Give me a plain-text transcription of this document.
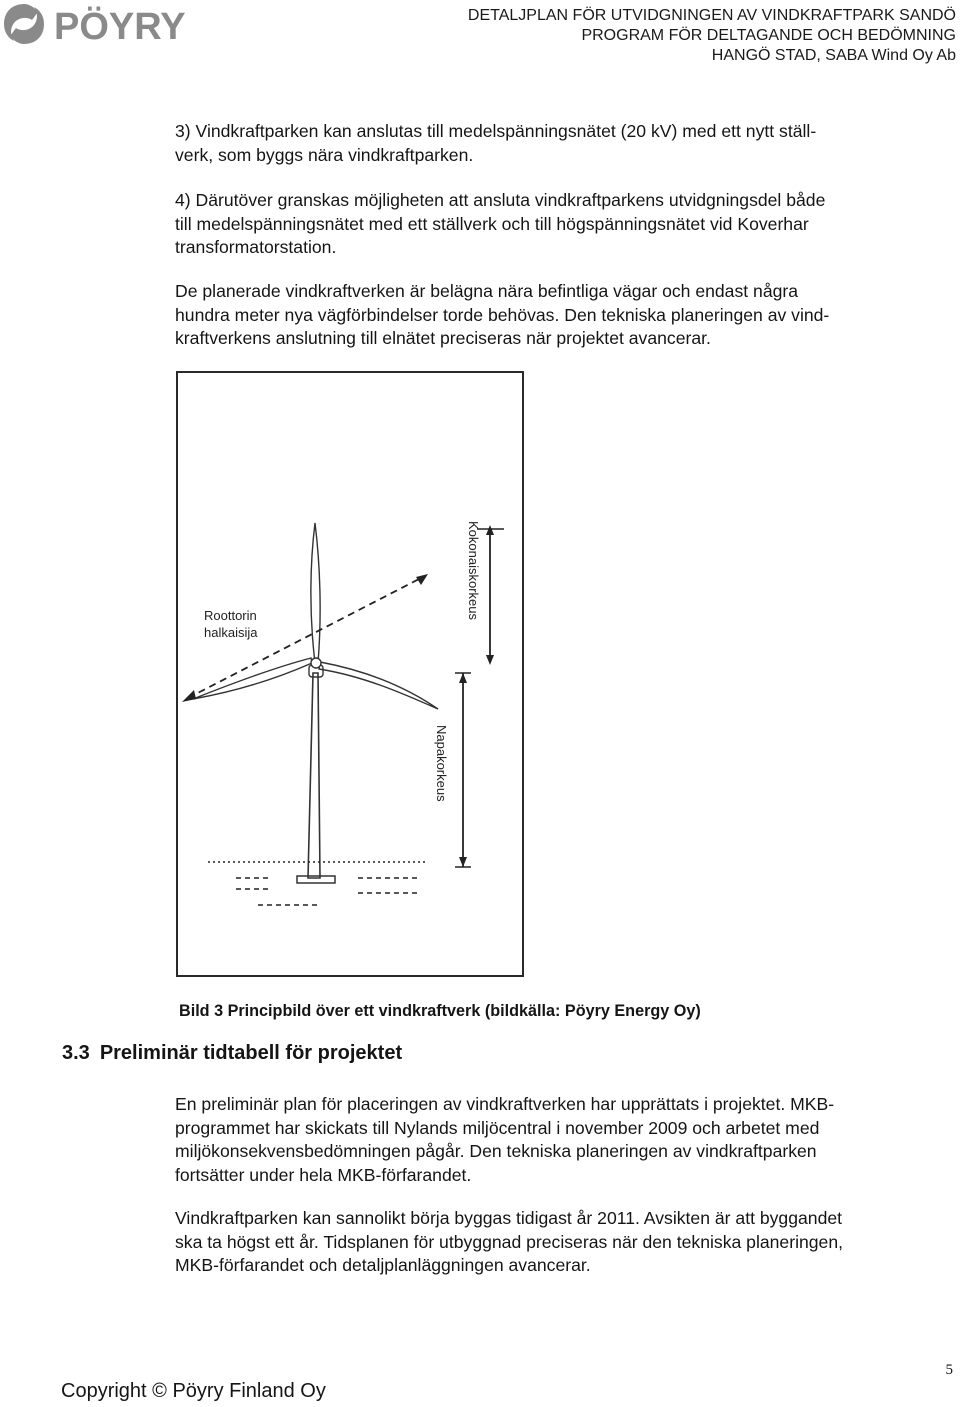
PÖYRY	DETALJPLAN FÖR UTVIDGNINGEN AV VINDKRAFTPARK SANDÖ
PROGRAM FÖR DELTAGANDE OCH BEDÖMNING
HANGÖ STAD, SABA Wind Oy Ab

3) Vindkraftparken kan anslutas till medelspänningsnätet (20 kV) med ett nytt ställ-

verk, som byggs nära vindkraftparken.

4) Därutöver granskas möjligheten att ansluta vindkraftparkens utvidgningsdel både

till medelspänningsnätet med ett ställverk och till högspänningsnätet vid Koverhar

transformatorstation.

De planerade vindkraftverken är belägna nära befintliga vägar och endast några

hundra meter nya vägförbindelser torde behövas. Den tekniska planeringen av vind-

kraftverkens anslutning till elnätet preciseras när projektet avancerar.

Roottorin
halkaisija
Kokonaiskorkeus
Napakorkeus
Bild 3 Principbild över ett vindkraftverk (bildkälla: Pöyry Energy Oy)
3.3 Preliminär tidtabell för projektet

En preliminär plan för placeringen av vindkraftverken har upprättats i projektet. MKB-

programmet har skickats till Nylands miljöcentral i november 2009 och arbetet med

miljökonsekvensbedömningen pågår. Den tekniska planeringen av vindkraftparken

fortsätter under hela MKB-förfarandet.

Vindkraftparken kan sannolikt börja byggas tidigast år 2011. Avsikten är att byggandet

ska ta högst ett år. Tidsplanen för utbyggnad preciseras när den tekniska planeringen,

MKB-förfarandet och detaljplanläggningen avancerar.

5
Copyright © Pöyry Finland Oy
